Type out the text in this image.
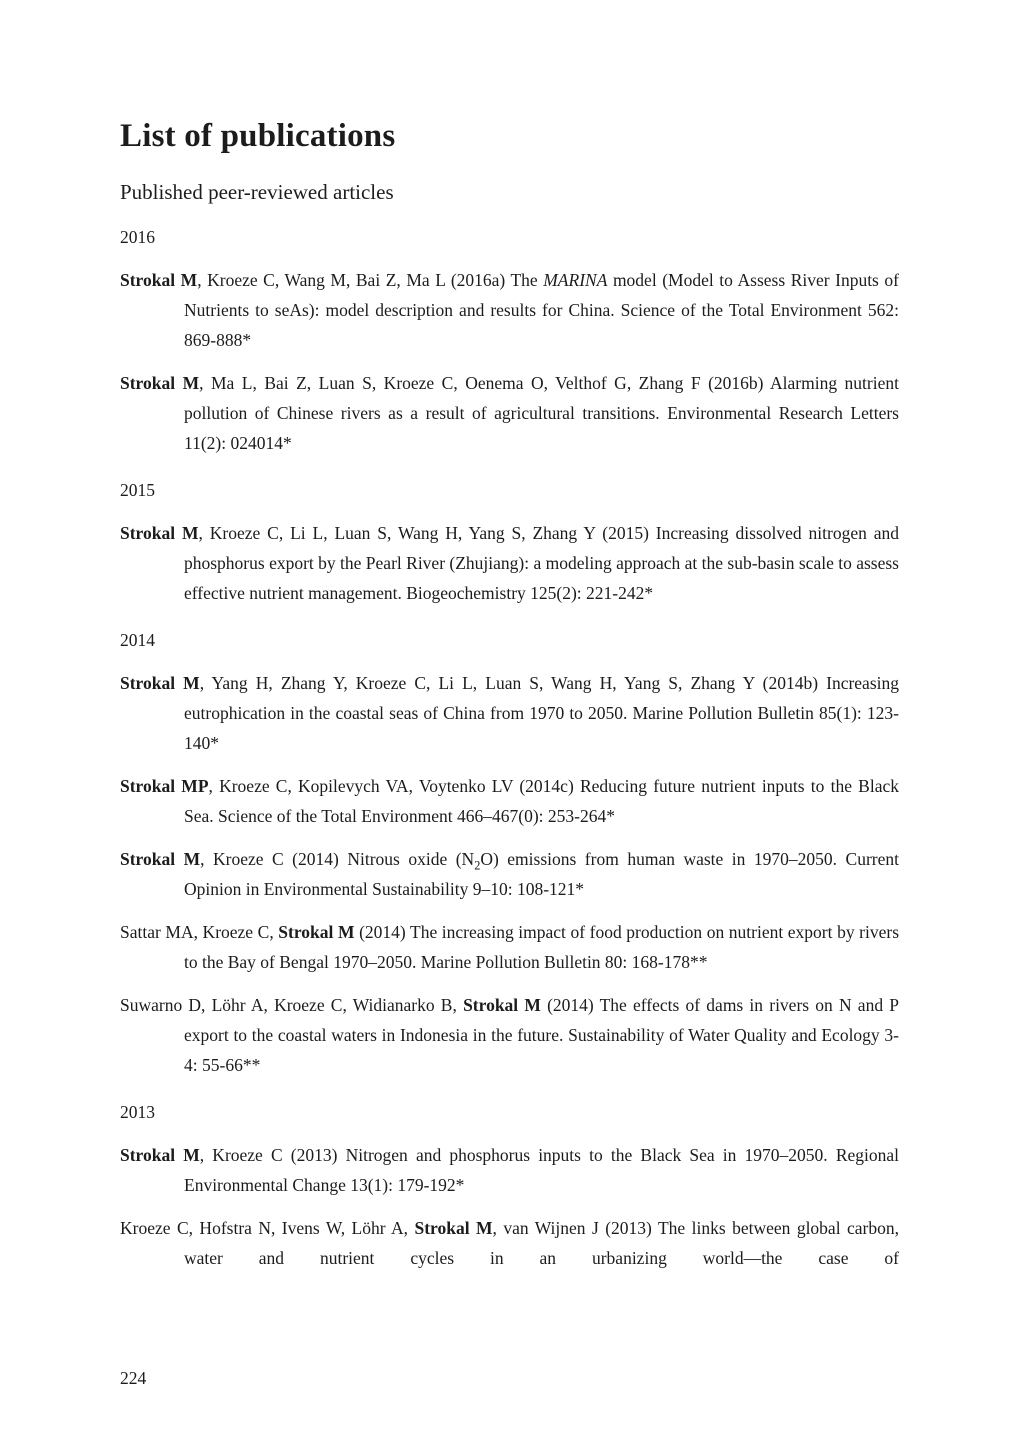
List of publications
Published peer-reviewed articles
2016

Strokal M, Kroeze C, Wang M, Bai Z, Ma L (2016a) The MARINA model (Model to Assess River Inputs of Nutrients to seAs): model description and results for China. Science of the Total Environment 562: 869-888*

Strokal M, Ma L, Bai Z, Luan S, Kroeze C, Oenema O, Velthof G, Zhang F (2016b) Alarming nutrient pollution of Chinese rivers as a result of agricultural transitions. Environmental Research Letters 11(2): 024014*

2015

Strokal M, Kroeze C, Li L, Luan S, Wang H, Yang S, Zhang Y (2015) Increasing dissolved nitrogen and phosphorus export by the Pearl River (Zhujiang): a modeling approach at the sub-basin scale to assess effective nutrient management. Biogeochemistry 125(2): 221-242*

2014

Strokal M, Yang H, Zhang Y, Kroeze C, Li L, Luan S, Wang H, Yang S, Zhang Y (2014b) Increasing eutrophication in the coastal seas of China from 1970 to 2050. Marine Pollution Bulletin 85(1): 123-140*

Strokal MP, Kroeze C, Kopilevych VA, Voytenko LV (2014c) Reducing future nutrient inputs to the Black Sea. Science of the Total Environment 466–467(0): 253-264*

Strokal M, Kroeze C (2014) Nitrous oxide $(N_2O)$ emissions from human waste in 1970–2050. Current Opinion in Environmental Sustainability 9–10: 108-121*

Sattar MA, Kroeze C, Strokal M (2014) The increasing impact of food production on nutrient export by rivers to the Bay of Bengal 1970–2050. Marine Pollution Bulletin 80: 168-178**

Suwarno D, Löhr A, Kroeze C, Widianarko B, Strokal M (2014) The effects of dams in rivers on N and P export to the coastal waters in Indonesia in the future. Sustainability of Water Quality and Ecology 3-4: 55-66**

2013

Strokal M, Kroeze C (2013) Nitrogen and phosphorus inputs to the Black Sea in 1970–2050. Regional Environmental Change 13(1): 179-192*

Kroeze C, Hofstra N, Ivens W, Löhr A, Strokal M, van Wijnen J (2013) The links between global carbon, water and nutrient cycles in an urbanizing world—the case of

224
